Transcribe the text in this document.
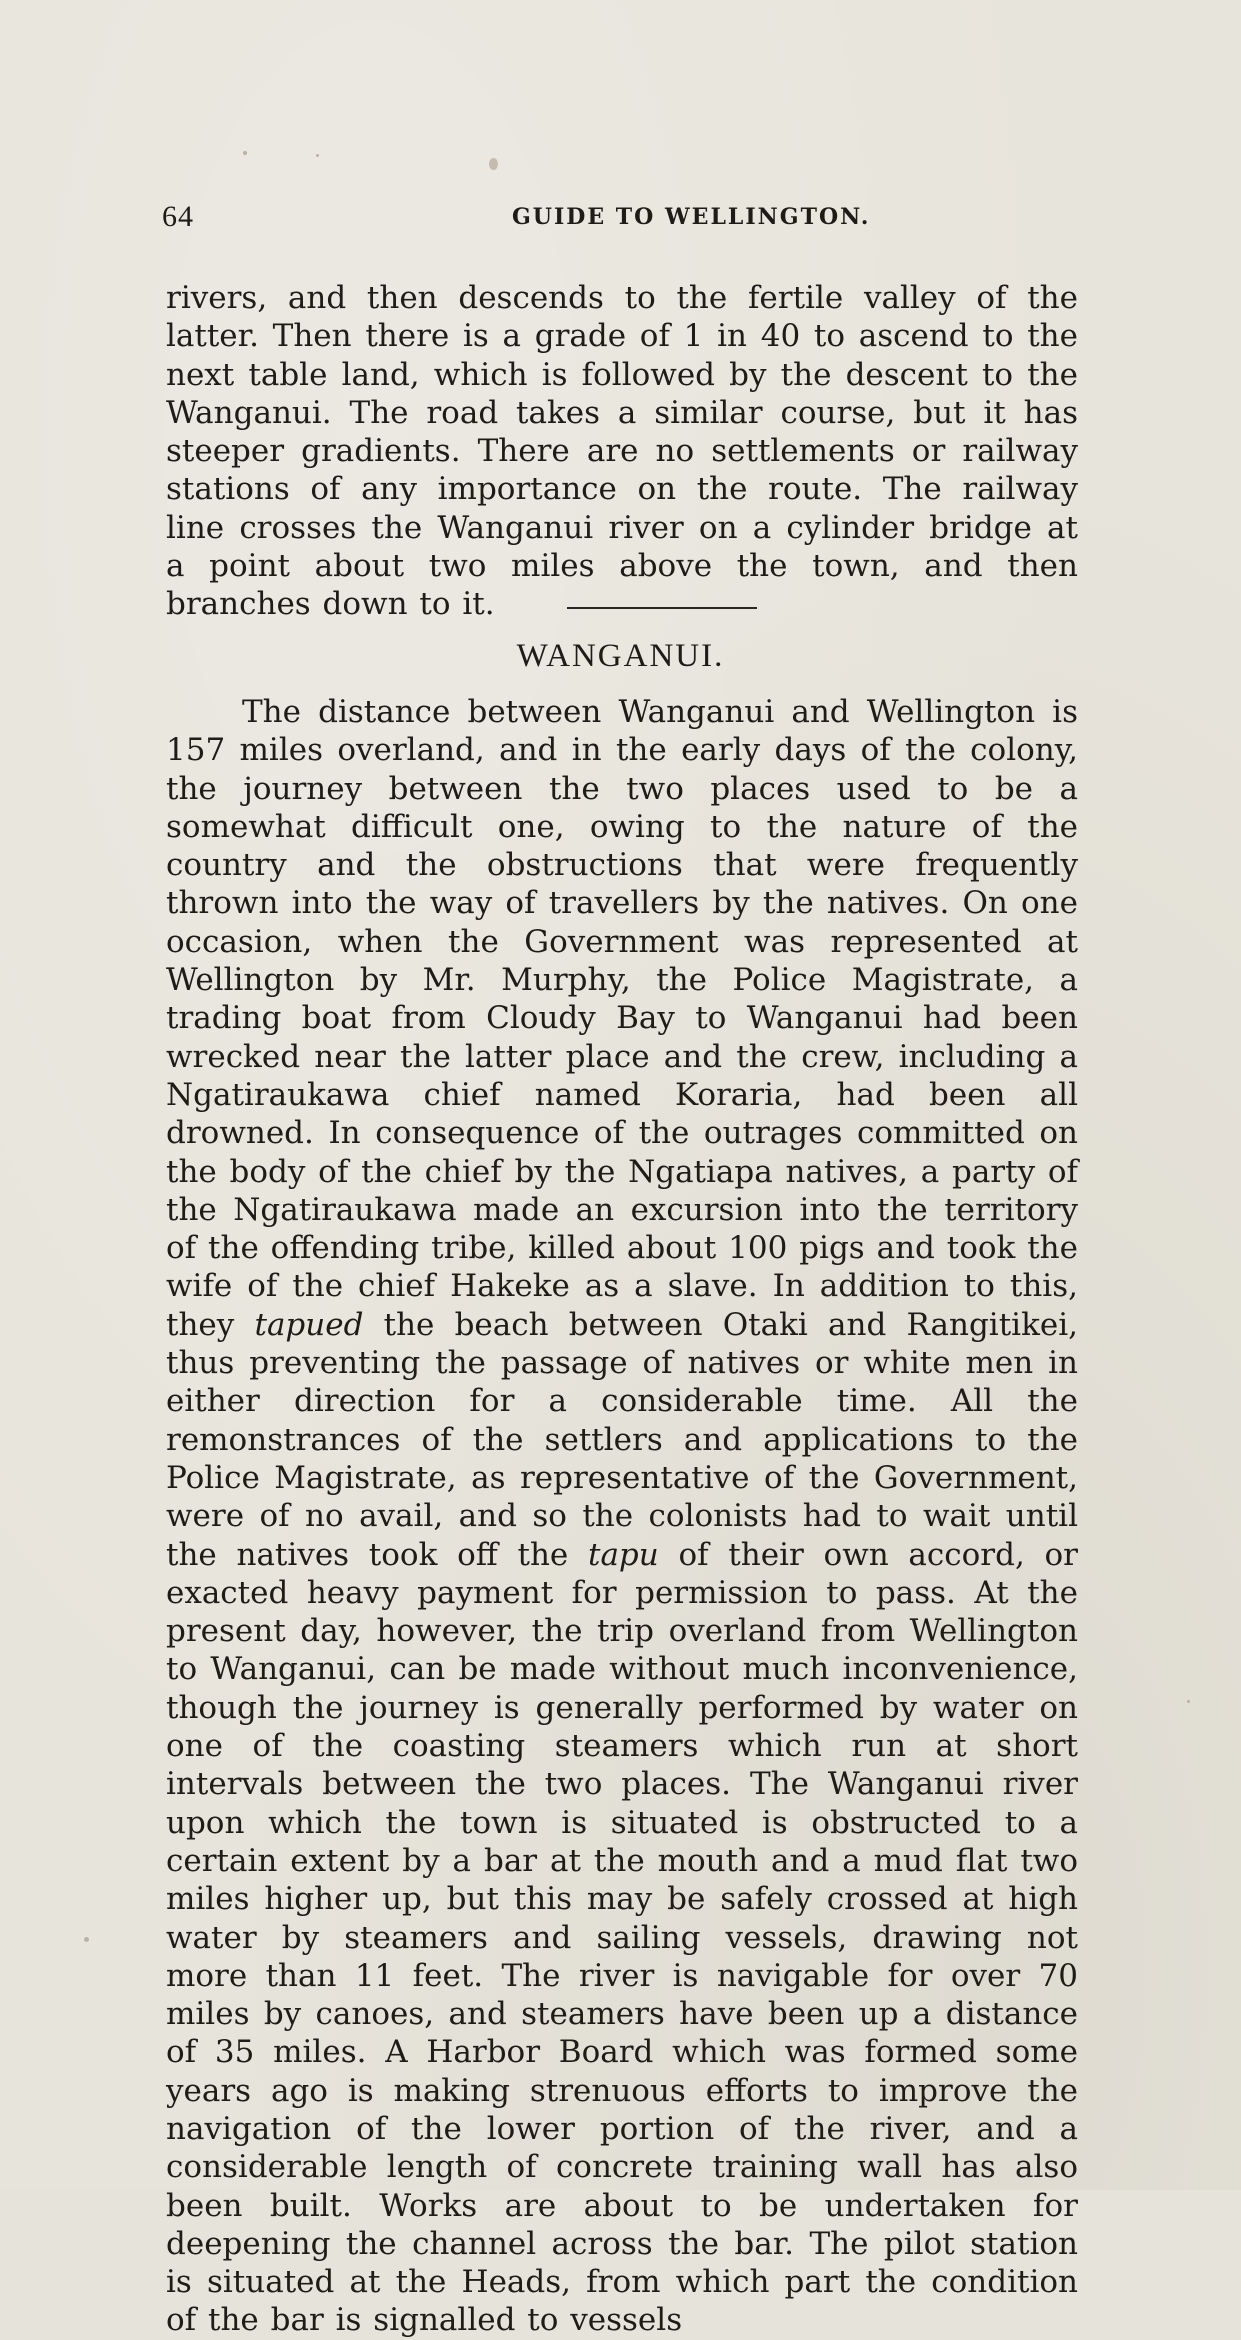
64	GUIDE TO WELLINGTON.

rivers, and then descends to the fertile valley of the latter. Then there is a grade of 1 in 40 to ascend to the next table land, which is followed by the descent to the Wanganui. The road takes a similar course, but it has steeper gradients. There are no settlements or railway stations of any importance on the route. The railway line crosses the Wanganui river on a cylinder bridge at a point about two miles above the town, and then branches down to it.

WANGANUI.

The distance between Wanganui and Wellington is 157 miles overland, and in the early days of the colony, the journey between the two places used to be a somewhat difficult one, owing to the nature of the country and the obstructions that were frequently thrown into the way of travellers by the natives. On one occasion, when the Government was represented at Wellington by Mr. Murphy, the Police Magistrate, a trading boat from Cloudy Bay to Wanganui had been wrecked near the latter place and the crew, including a Ngatiraukawa chief named Koraria, had been all drowned. In consequence of the outrages committed on the body of the chief by the Ngatiapa natives, a party of the Ngatiraukawa made an excursion into the territory of the offending tribe, killed about 100 pigs and took the wife of the chief Hakeke as a slave. In addition to this, they tapued the beach between Otaki and Rangitikei, thus preventing the passage of natives or white men in either direction for a considerable time. All the remonstrances of the settlers and applications to the Police Magistrate, as representative of the Government, were of no avail, and so the colonists had to wait until the natives took off the tapu of their own accord, or exacted heavy payment for permission to pass. At the present day, however, the trip overland from Wellington to Wanganui, can be made without much inconvenience, though the journey is generally performed by water on one of the coasting steamers which run at short intervals between the two places. The Wanganui river upon which the town is situated is obstructed to a certain extent by a bar at the mouth and a mud flat two miles higher up, but this may be safely crossed at high water by steamers and sailing vessels, drawing not more than 11 feet. The river is navigable for over 70 miles by canoes, and steamers have been up a distance of 35 miles. A Harbor Board which was formed some years ago is making strenuous efforts to improve the navigation of the lower portion of the river, and a considerable length of concrete training wall has also been built. Works are about to be undertaken for deepening the channel across the bar. The pilot station is situated at the Heads, from which part the condition of the bar is signalled to vessels
